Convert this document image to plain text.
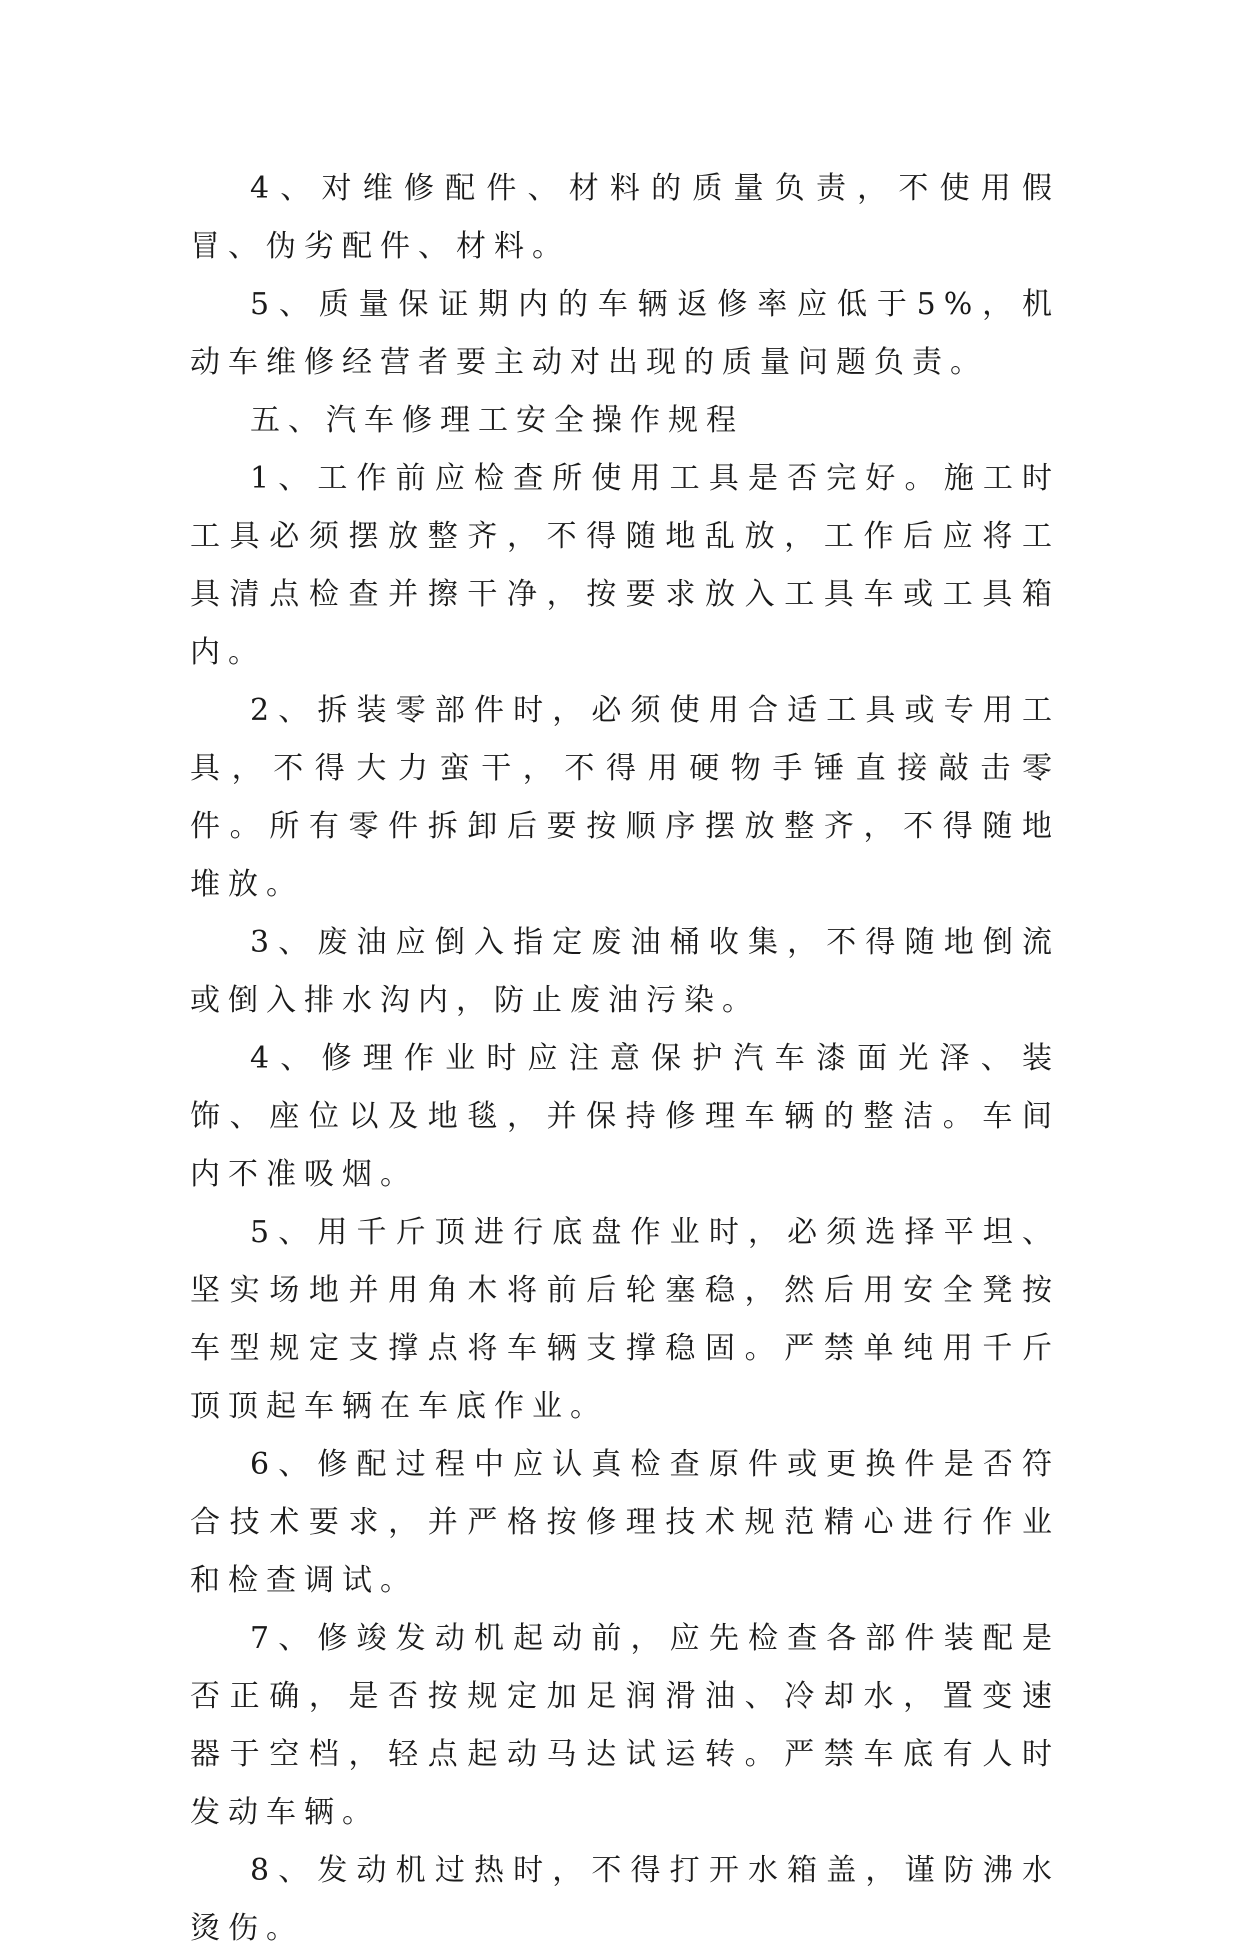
4、对维修配件、材料的质量负责，不使用假冒、伪劣配件、材料。

5、质量保证期内的车辆返修率应低于5%，机动车维修经营者要主动对出现的质量问题负责。

五、汽车修理工安全操作规程

1、工作前应检查所使用工具是否完好。施工时工具必须摆放整齐，不得随地乱放，工作后应将工具清点检查并擦干净，按要求放入工具车或工具箱内。

2、拆装零部件时，必须使用合适工具或专用工具，不得大力蛮干，不得用硬物手锤直接敲击零件。所有零件拆卸后要按顺序摆放整齐，不得随地堆放。

3、废油应倒入指定废油桶收集，不得随地倒流或倒入排水沟内，防止废油污染。

4、修理作业时应注意保护汽车漆面光泽、装饰、座位以及地毯，并保持修理车辆的整洁。车间内不准吸烟。

5、用千斤顶进行底盘作业时，必须选择平坦、坚实场地并用角木将前后轮塞稳，然后用安全凳按车型规定支撑点将车辆支撑稳固。严禁单纯用千斤顶顶起车辆在车底作业。

6、修配过程中应认真检查原件或更换件是否符合技术要求，并严格按修理技术规范精心进行作业和检查调试。

7、修竣发动机起动前，应先检查各部件装配是否正确，是否按规定加足润滑油、冷却水，置变速器于空档，轻点起动马达试运转。严禁车底有人时发动车辆。

8、发动机过热时，不得打开水箱盖，谨防沸水烫伤。
